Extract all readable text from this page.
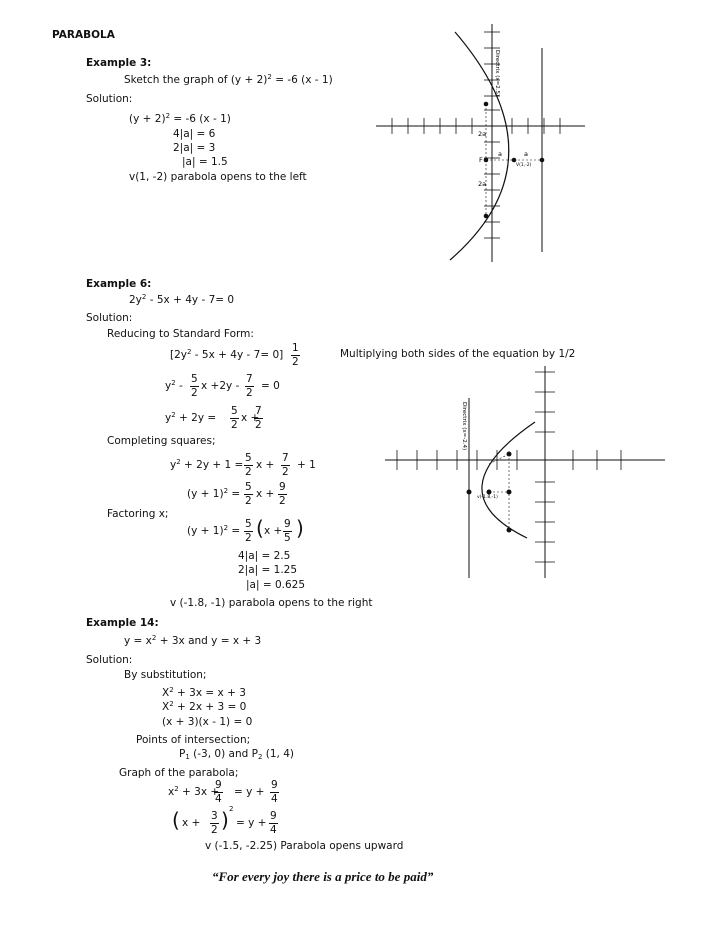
PARABOLA
Example 3:
Sketch the graph of $(y + 2)^2 = -6$ (x - 1)
Solution:
$(y + 2)^2 = -6$ (x - 1)
4|a| = 6
2|a| = 3
|a| = 1.5
v(1, -2) parabola opens to the left
Directrix (x=2.5)
2a
2a
F
a	a
V(1,-2)
Example 6:
$2y^2 - 5x + 4y - 7= 0$
Solution:
Reducing to Standard Form:
$[2y^2 - 5x + 4y - 7= 0]$
1
2
Multiplying both sides of the equation by 1/2
$y^2$ -
5
2
x +2y -
7
2
= 0
$y^2 + 2y$ =
5
2
x +
7
2
Completing squares;
$y^2 + 2y + 1$ =
5
2
x +
7
2
+ 1
$(y + 1)^2$ =
5
2
x +
9
2
Factoring x;
$(y + 1)^2$ =
5
2 ( x +
9
5 )
4|a| = 2.5
2|a| = 1.25
|a| = 0.625
v (-1.8, -1) parabola opens to the right
Directrix (x=-2.4)
v(-1.8,-1)
Example 14:
$y = x^2 + 3x$ and y = x + 3
Solution:
By substitution;
$X^2 + 3x = x + 3$
$X^2 + 2x + 3 = 0$
(x + 3)(x - 1) = 0
Points of intersection;
$P_1$ (-3, 0) and $P_2$ (1, 4)
Graph of the parabola;
$x^2 + 3x$ +
9
4
= y +
9
4
( x +
3
2 ) 2
= y +
9
4
v (-1.5, -2.25) Parabola opens upward
“For every joy there is a price to be paid”
